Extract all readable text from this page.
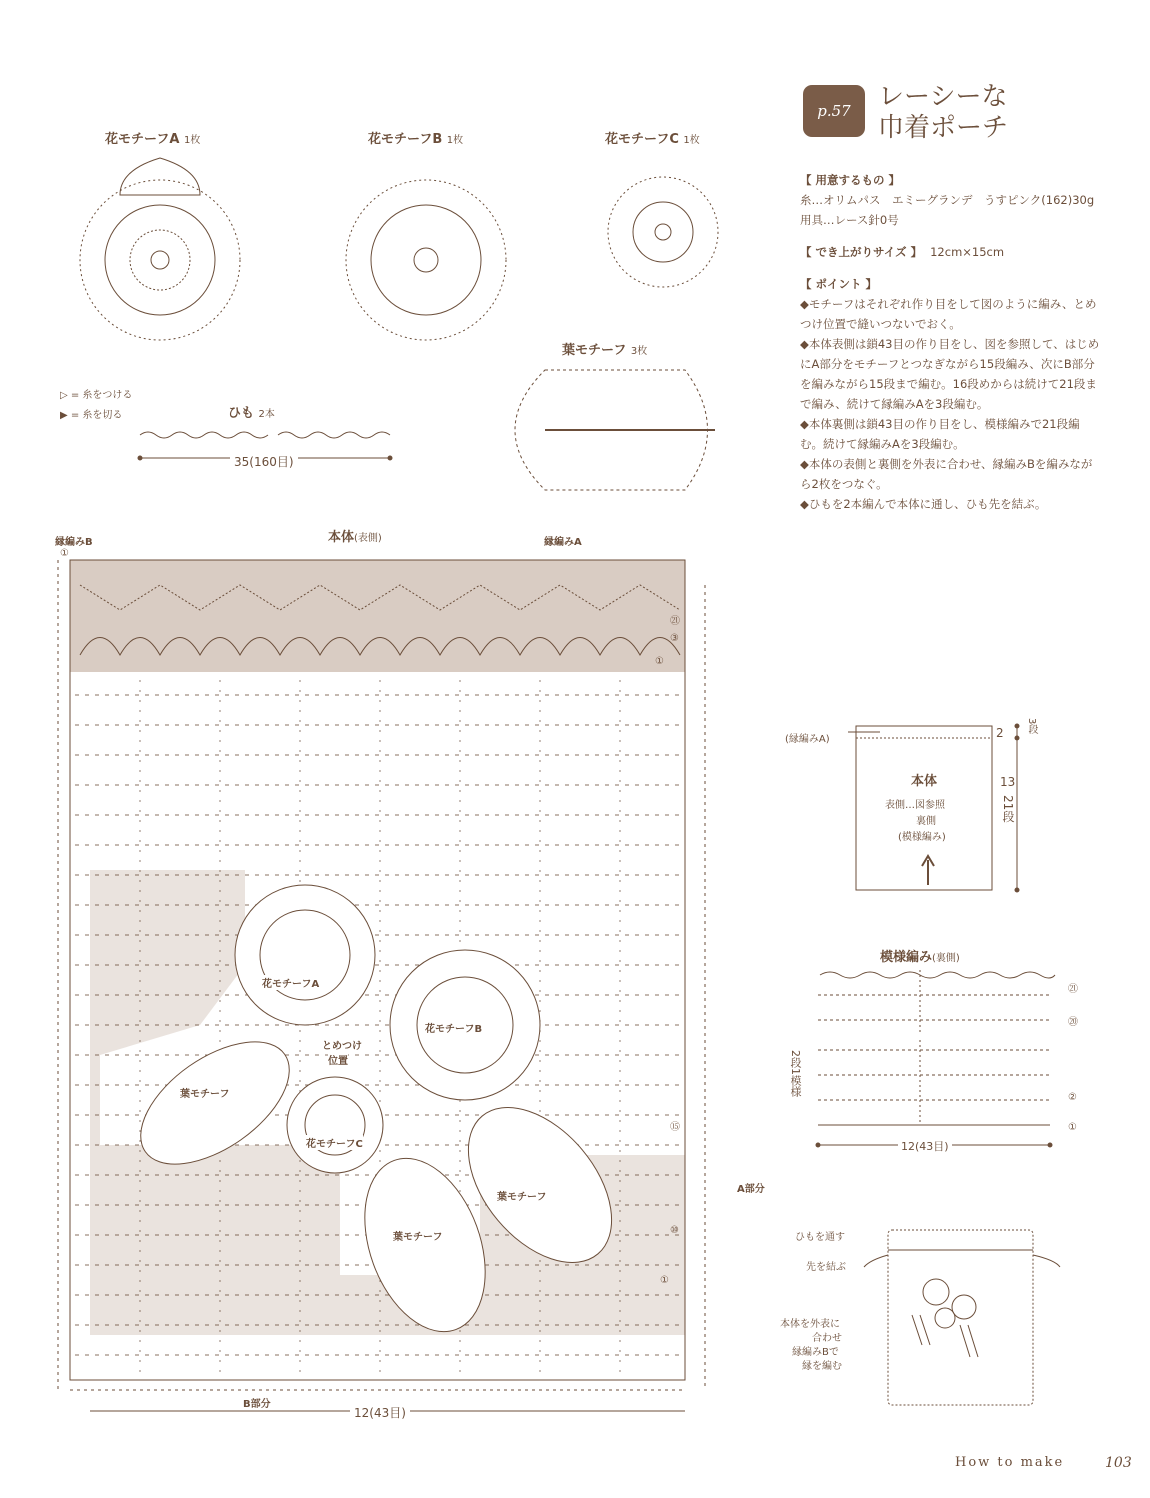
p.57	レーシーな
巾着ポーチ

【 用意するもの 】

糸…オリムパス　エミーグランデ　うすピンク(162)30g

用具…レース針0号

【 でき上がりサイズ 】 12cm×15cm

【 ポイント 】

◆モチーフはそれぞれ作り目をして図のように編み、とめつけ位置で縫いつないでおく。

◆本体表側は鎖43目の作り目をし、図を参照して、はじめにA部分をモチーフとつなぎながら15段編み、次にB部分を編みながら15段まで編む。16段めからは続けて21段まで編み、続けて縁編みAを3段編む。

◆本体裏側は鎖43目の作り目をし、模様編みで21段編む。続けて縁編みAを3段編む。

◆本体の表側と裏側を外表に合わせ、縁編みBを編みながら2枚をつなぐ。

◆ひもを2本編んで本体に通し、ひも先を結ぶ。

花モチーフA 1枚	花モチーフB 1枚	花モチーフC 1枚
葉モチーフ 3枚
▷ = 糸をつける
▶ = 糸を切る	ひも 2本
35(160目)
本体(表側)
縁編みB	縁編みA
①
花モチーフA
花モチーフB
花モチーフC
葉モチーフ
葉モチーフ
葉モチーフ
とめつけ
位置
A部分
B部分
12(43目)
①
㉑
①
③
⑩
⑮
(縁編みA)
本体
表側…図参照
裏側
(模様編み)
2 3段
13
21段
模様編み(裏側)
㉑
⑳
②
①
2段1模様
12(43目)
ひもを通す
先を結ぶ
本体を外表に
合わせ
縁編みBで
縁を編む
How to make	103
